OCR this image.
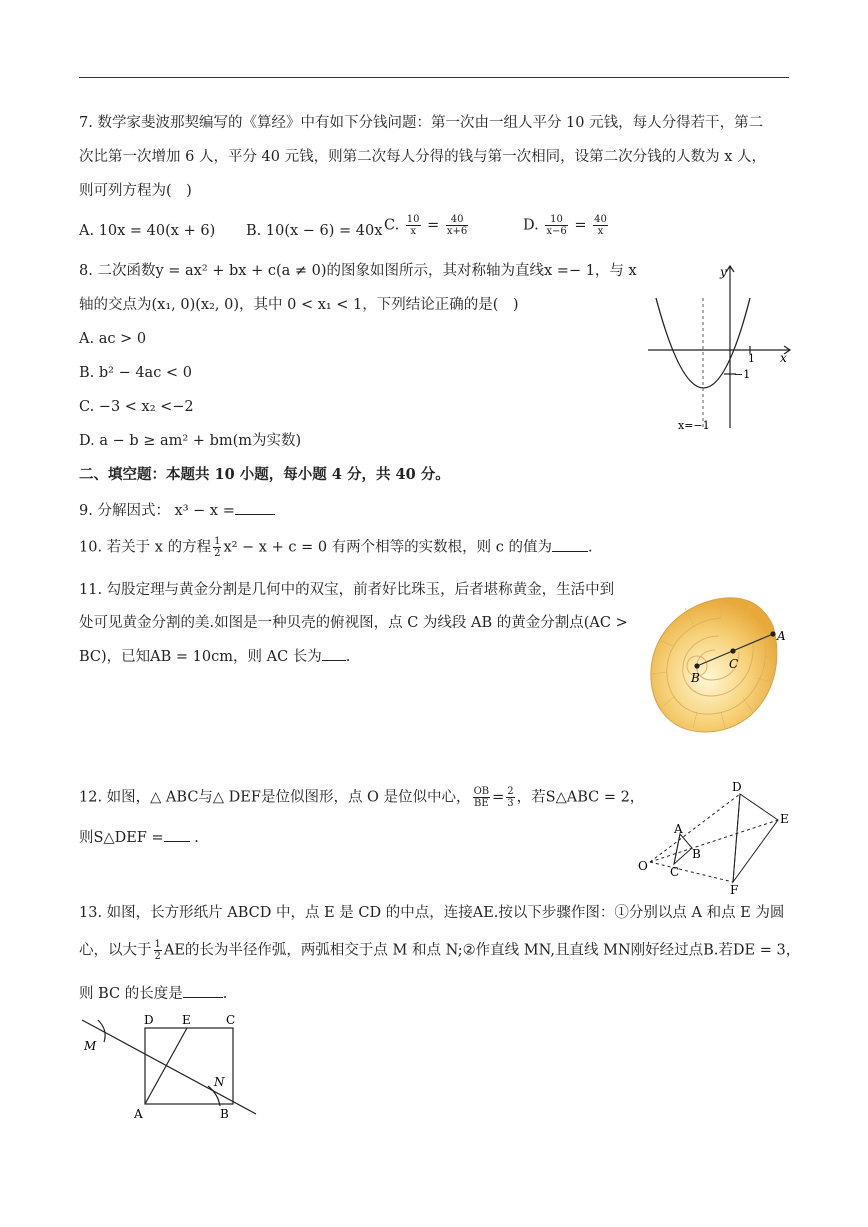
7. 数学家斐波那契编写的《算经》中有如下分钱问题：第一次由一组人平分 10 元钱，每人分得若干，第二
次比第一次增加 6 人，平分 40 元钱，则第二次每人分得的钱与第一次相同，设第二次分钱的人数为 x 人，
则可列方程为(　)
A. 10x = 40(x + 6) B. 10(x − 6) = 40x C. $\frac{10}{x} = \frac{40}{x+6}$	D. $\frac{10}{x-6} = \frac{40}{x}$
8. 二次函数y = ax² + bx + c(a ≠ 0)的图象如图所示，其对称轴为直线x =− 1，与 x
轴的交点为(x₁, 0)(x₂, 0)，其中 0 < x₁ < 1，下列结论正确的是(　)
A. ac > 0
B. b² − 4ac < 0
C. −3 < x₂ <−2
D. a − b ≥ am² + bm(m为实数)
y
x
1
−1
x=−1
二、填空题：本题共 10 小题，每小题 4 分，共 40 分。
9. 分解因式： x³ − x =
10. 若关于 x 的方程 $\frac{1}{2} x^2 - x + c = 0$ 有两个相等的实数根，则 c 的值为 .
11. 勾股定理与黄金分割是几何中的双宝，前者好比珠玉，后者堪称黄金，生活中到
处可见黄金分割的美.如图是一种贝壳的俯视图，点 C 为线段 AB 的黄金分割点(AC >
BC)，已知AB = 10cm，则 AC 长为 .
B
C
A
12. 如图，△ ABC与△ DEF是位似图形，点 O 是位似中心， $\frac{OB}{BE} = \frac{2}{3}$ ，若S△ABC = 2，
则S△DEF = .
D
E
F
A
B
C
O
13. 如图，长方形纸片 ABCD 中，点 E 是 CD 的中点，连接AE.按以下步骤作图：①分别以点 A 和点 E 为圆
心，以大于 $\frac{1}{2}$ AE的长为半径作弧，两弧相交于点 M 和点 N;②作直线 MN,且直线 MN刚好经过点B.若DE = 3，
则 BC 的长度是	.
D E	C
A	B
M
N
